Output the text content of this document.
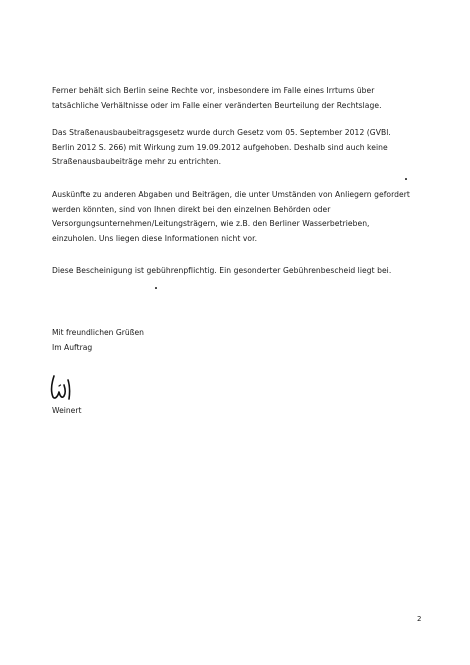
Ferner behält sich Berlin seine Rechte vor, insbesondere im Falle eines Irrtums über
tatsächliche Verhältnisse oder im Falle einer veränderten Beurteilung der Rechtslage.

Das Straßenausbaubeitragsgesetz wurde durch Gesetz vom 05. September 2012 (GVBl.
Berlin 2012 S. 266) mit Wirkung zum 19.09.2012 aufgehoben. Deshalb sind auch keine
Straßenausbaubeiträge mehr zu entrichten.

Auskünfte zu anderen Abgaben und Beiträgen, die unter Umständen von Anliegern gefordert
werden könnten, sind von Ihnen direkt bei den einzelnen Behörden oder
Versorgungsunternehmen/Leitungsträgern, wie z.B. den Berliner Wasserbetrieben,
einzuholen. Uns liegen diese Informationen nicht vor.

Diese Bescheinigung ist gebührenpflichtig. Ein gesonderter Gebührenbescheid liegt bei.

Mit freundlichen Grüßen
Im Auftrag
Weinert
2
